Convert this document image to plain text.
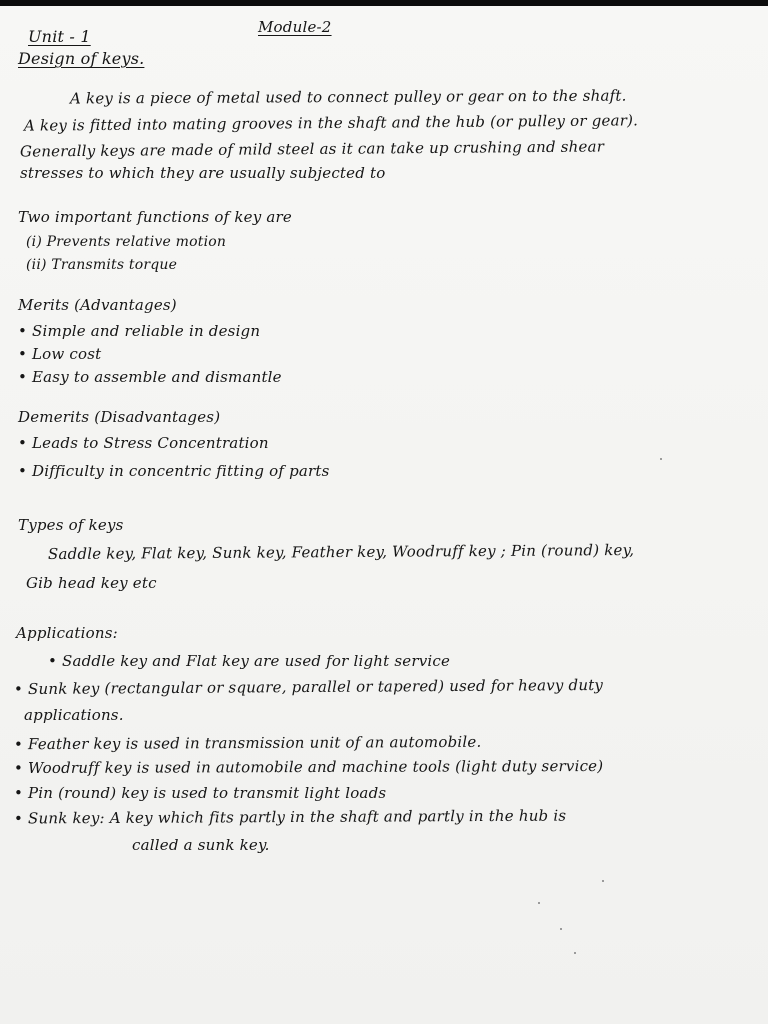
Unit - 1	Module-2
Design of keys.
A key is a piece of metal used to connect pulley or gear on to the shaft.
A key is fitted into mating grooves in the shaft and the hub (or pulley or gear).
Generally keys are made of mild steel as it can take up crushing and shear
stresses to which they are usually subjected to
Two important functions of key are
(i) Prevents relative motion
(ii) Transmits torque
Merits (Advantages)
• Simple and reliable in design
• Low cost
• Easy to assemble and dismantle
Demerits (Disadvantages)
• Leads to Stress Concentration
• Difficulty in concentric fitting of parts
Types of keys
Saddle key, Flat key, Sunk key, Feather key, Woodruff key ; Pin (round) key,
Gib head key etc
Applications:
• Saddle key and Flat key are used for light service
• Sunk key (rectangular or square, parallel or tapered) used for heavy duty
applications.
• Feather key is used in transmission unit of an automobile.
• Woodruff key is used in automobile and machine tools (light duty service)
• Pin (round) key is used to transmit light loads
• Sunk key: A key which fits partly in the shaft and partly in the hub is
called a sunk key.
